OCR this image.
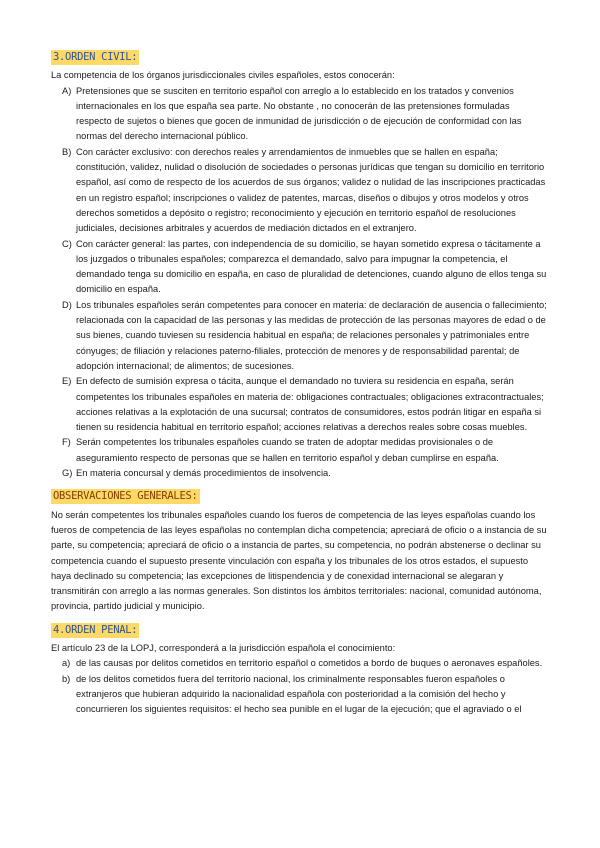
3.ORDEN CIVIL:

La competencia de los órganos jurisdiccionales civiles españoles, estos conocerán:

A) Pretensiones que se susciten en territorio español con arreglo a lo establecido en los tratados y convenios internacionales en los que españa sea parte. No obstante , no conocerán de las pretensiones formuladas respecto de sujetos o bienes que gocen de inmunidad de jurisdicción o de ejecución de conformidad con las normas del derecho internacional público.
B) Con carácter exclusivo: con derechos reales y arrendamientos de inmuebles que se hallen en españa; constitución, validez, nulidad o disolución de sociedades o personas jurídicas que tengan su domicilio en territorio español, así como de respecto de los acuerdos de sus órganos; validez o nulidad de las inscripciones practicadas en un registro español; inscripciones o validez de patentes, marcas, diseños o dibujos y otros modelos y otros derechos sometidos a depósito o registro; reconocimiento y ejecución en territorio español de resoluciones judiciales, decisiones arbitrales y acuerdos de mediación dictados en el extranjero.
C) Con carácter general: las partes, con independencia de su domicilio, se hayan sometido expresa o tácitamente a los juzgados o tribunales españoles; comparezca el demandado, salvo para impugnar la competencia, el demandado tenga su domicilio en españa, en caso de pluralidad de detenciones, cuando alguno de ellos tenga su domicilio en españa.
D) Los tribunales españoles serán competentes para conocer en materia: de declaración de ausencia o fallecimiento; relacionada con la capacidad de las personas y las medidas de protección de las personas mayores de edad o de sus bienes, cuando tuviesen su residencia habitual en españa; de relaciones personales y patrimoniales entre cónyuges; de filiación y relaciones paterno-filiales, protección de menores y de responsabilidad parental; de adopción internacional; de alimentos; de sucesiones.
E) En defecto de sumisión expresa o tácita, aunque el demandado no tuviera su residencia en españa, serán competentes los tribunales españoles en materia de: obligaciones contractuales; obligaciones extracontractuales; acciones relativas a la explotación de una sucursal; contratos de consumidores, estos podrán litigar en españa si tienen su residencia habitual en territorio español; acciones relativas a derechos reales sobre cosas muebles.
F) Serán competentes los tribunales españoles cuando se traten de adoptar medidas provisionales o de aseguramiento respecto de personas que se hallen en territorio español y deban cumplirse en españa.
G) En materia concursal y demás procedimientos de insolvencia.
OBSERVACIONES GENERALES:

No serán competentes los tribunales españoles cuando los fueros de competencia de las leyes españolas cuando los fueros de competencia de las leyes españolas no contemplan dicha competencia; apreciará de oficio o a instancia de su parte, su competencia; apreciará de oficio o a instancia de partes, su competencia, no podrán abstenerse o declinar su competencia cuando el supuesto presente vinculación con españa y los tribunales de los otros estados, el supuesto haya declinado su competencia; las excepciones de litispendencia y de conexidad internacional se alegaran y transmitirán con arreglo a las normas generales. Son distintos los ámbitos territoriales: nacional, comunidad autónoma, provincia, partido judicial y municipio.

4.ORDEN PENAL:

El artículo 23 de la LOPJ, corresponderá a la jurisdicción española el conocimiento:

a) de las causas por delitos cometidos en territorio español o cometidos a bordo de buques o aeronaves españoles.
b) de los delitos cometidos fuera del territorio nacional, los criminalmente responsables fueron españoles o extranjeros que hubieran adquirido la nacionalidad española con posterioridad a la comisión del hecho y concurrieren los siguientes requisitos: el hecho sea punible en el lugar de la ejecución; que el agraviado o el
